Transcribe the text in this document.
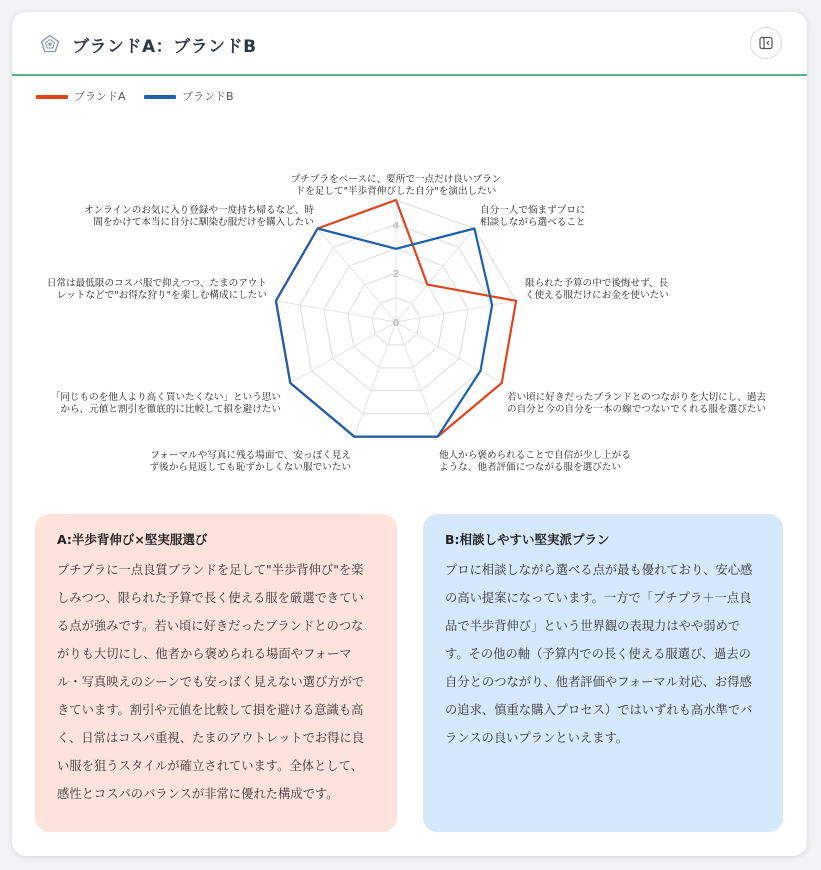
ブランドA：ブランドB
ブランドA	ブランドB
0
2
4
プチプラをベースに、要所で一点だけ良いブランドを足して"半歩背伸びした自分"を演出したい
自分一人で悩まずプロに相談しながら選べること
限られた予算の中で後悔せず、長く使える服だけにお金を使いたい
若い頃に好きだったブランドとのつながりを大切にし、過去の自分と今の自分を一本の線でつないでくれる服を選びたい
他人から褒められることで自信が少し上がるような、他者評価につながる服を選びたい
フォーマルや写真に残る場面で、安っぽく見えず後から見返しても恥ずかしくない服でいたい
「同じものを他人より高く買いたくない」という思いから、元値と割引を徹底的に比較して損を避けたい
日常は最低限のコスパ服で抑えつつ、たまのアウトレットなどで"お得な狩り"を楽しむ構成にしたい
オンラインのお気に入り登録や一度持ち帰るなど、時間をかけて本当に自分に馴染む服だけを購入したい
A:半歩背伸び×堅実服選び
プチプラに一点良質ブランドを足して"半歩背伸び"を楽しみつつ、限られた予算で長く使える服を厳選できている点が強みです。若い頃に好きだったブランドとのつながりも大切にし、他者から褒められる場面やフォーマル・写真映えのシーンでも安っぽく見えない選び方ができています。割引や元値を比較して損を避ける意識も高く、日常はコスパ重視、たまのアウトレットでお得に良い服を狙うスタイルが確立されています。全体として、感性とコスパのバランスが非常に優れた構成です。
B:相談しやすい堅実派プラン
プロに相談しながら選べる点が最も優れており、安心感の高い提案になっています。一方で「プチプラ＋一点良品で半歩背伸び」という世界観の表現力はやや弱めです。その他の軸（予算内での長く使える服選び、過去の自分とのつながり、他者評価やフォーマル対応、お得感の追求、慎重な購入プロセス）ではいずれも高水準でバランスの良いプランといえます。
